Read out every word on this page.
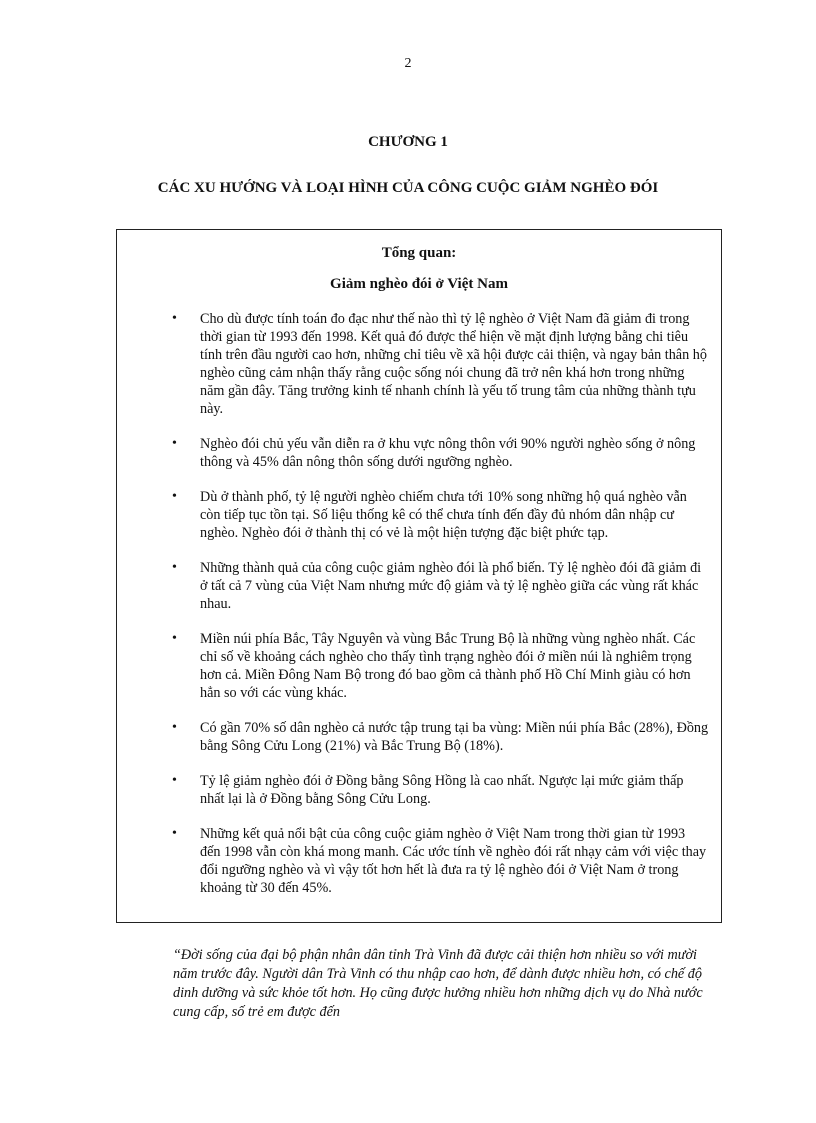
2
CHƯƠNG 1
CÁC XU HƯỚNG VÀ LOẠI HÌNH CỦA CÔNG CUỘC GIẢM NGHÈO ĐÓI
Tổng quan:
Giảm nghèo đói ở Việt Nam
• Cho dù được tính toán đo đạc như thế nào thì tỷ lệ nghèo ở Việt Nam đã giảm đi trong thời gian từ 1993 đến 1998. Kết quả đó được thể hiện về mặt định lượng bằng chi tiêu tính trên đầu người cao hơn, những chỉ tiêu về xã hội được cải thiện, và ngay bản thân hộ nghèo cũng cảm nhận thấy rằng cuộc sống nói chung đã trở nên khá hơn trong những năm gần đây. Tăng trưởng kinh tế nhanh chính là yếu tố trung tâm của những thành tựu này.
• Nghèo đói chủ yếu vẫn diễn ra ở khu vực nông thôn với 90% người nghèo sống ở nông thông và 45% dân nông thôn sống dưới ngưỡng nghèo.
• Dù ở thành phố, tỷ lệ người nghèo chiếm chưa tới 10% song những hộ quá nghèo vẫn còn tiếp tục tồn tại. Số liệu thống kê có thể chưa tính đến đầy đủ nhóm dân nhập cư nghèo. Nghèo đói ở thành thị có vẻ là một hiện tượng đặc biệt phức tạp.
• Những thành quả của công cuộc giảm nghèo đói là phổ biến. Tỷ lệ nghèo đói đã giảm đi ở tất cả 7 vùng của Việt Nam nhưng mức độ giảm và tỷ lệ nghèo giữa các vùng rất khác nhau.
• Miền núi phía Bắc, Tây Nguyên và vùng Bắc Trung Bộ là những vùng nghèo nhất. Các chỉ số về khoảng cách nghèo cho thấy tình trạng nghèo đói ở miền núi là nghiêm trọng hơn cả. Miền Đông Nam Bộ trong đó bao gồm cả thành phố Hồ Chí Minh giàu có hơn hẳn so với các vùng khác.
• Có gần 70% số dân nghèo cả nước tập trung tại ba vùng: Miền núi phía Bắc (28%), Đồng bằng Sông Cửu Long (21%) và Bắc Trung Bộ (18%).
• Tỷ lệ giảm nghèo đói ở Đồng bằng Sông Hồng là cao nhất. Ngược lại mức giảm thấp nhất lại là ở Đồng bằng Sông Cửu Long.
• Những kết quả nổi bật của công cuộc giảm nghèo ở Việt Nam trong thời gian từ 1993 đến 1998 vẫn còn khá mong manh. Các ước tính về nghèo đói rất nhạy cảm với việc thay đổi ngưỡng nghèo và vì vậy tốt hơn hết là đưa ra tỷ lệ nghèo đói ở Việt Nam ở trong khoảng từ 30 đến 45%.
“Đời sống của đại bộ phận nhân dân tỉnh Trà Vinh đã được cải thiện hơn nhiều so với mười năm trước đây. Người dân Trà Vinh có thu nhập cao hơn, để dành được nhiều hơn, có chế độ dinh dưỡng và sức khỏe tốt hơn. Họ cũng được hưởng nhiều hơn những dịch vụ do Nhà nước cung cấp, số trẻ em được đến
